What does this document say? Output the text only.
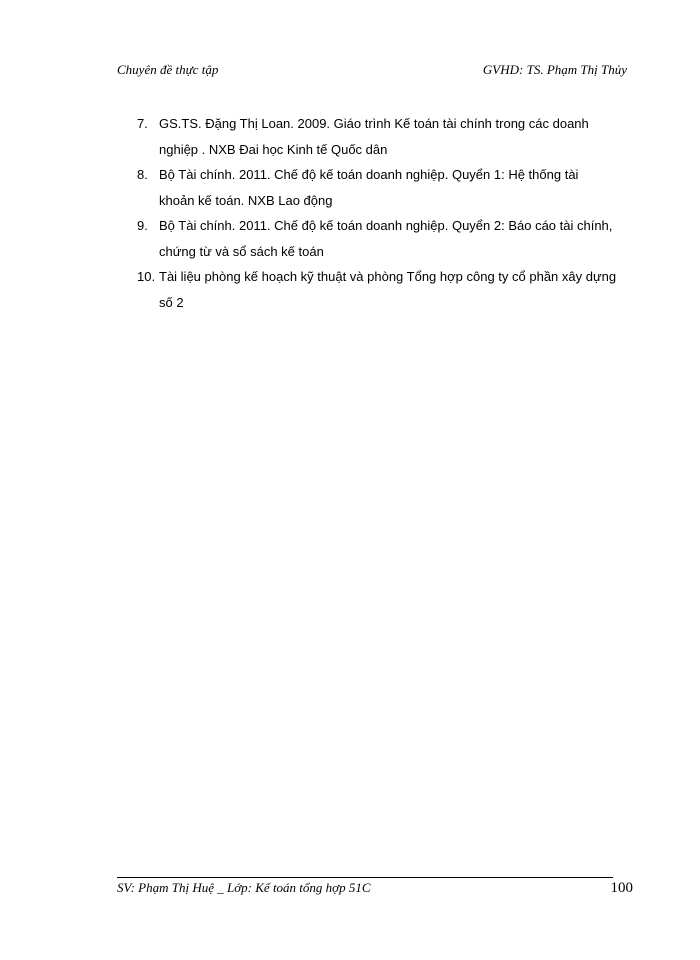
Chuyên đề thực tập	GVHD: TS. Phạm Thị Thủy
7. GS.TS. Đặng Thị Loan. 2009. Giáo trình Kế toán tài chính trong các doanh nghiệp . NXB Đai học Kinh tế Quốc dân
8. Bộ Tài chính. 2011. Chế độ kế toán doanh nghiệp. Quyển 1: Hệ thống tài khoản kế toán. NXB Lao động
9. Bộ Tài chính. 2011. Chế độ kế toán doanh nghiệp. Quyển 2: Báo cáo tài chính, chứng từ và sổ sách kế toán
10. Tài liệu phòng kế hoạch kỹ thuật và phòng Tổng hợp công ty cổ phần xây dựng số 2
SV: Phạm Thị Huệ _ Lớp: Kế toán tổng hợp 51C	100
